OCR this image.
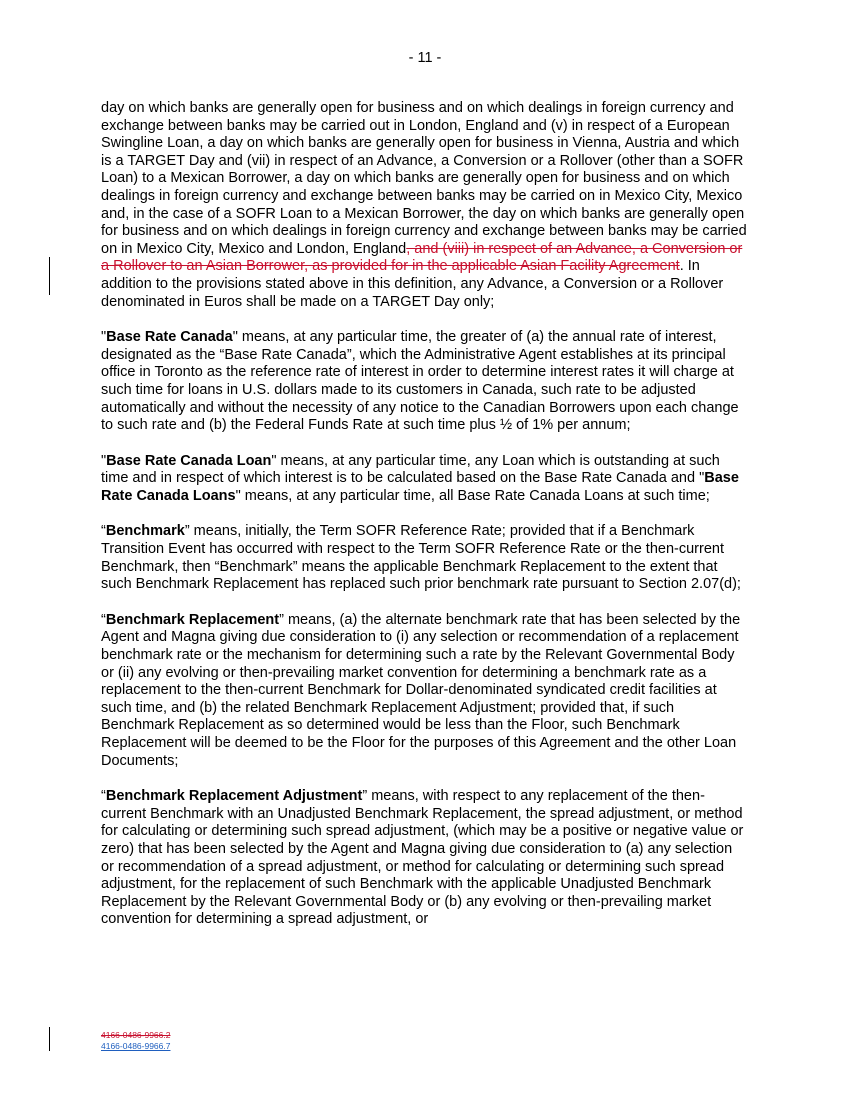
- 11 -

day on which banks are generally open for business and on which dealings in foreign currency and exchange between banks may be carried out in London, England and (v) in respect of a European Swingline Loan, a day on which banks are generally open for business in Vienna, Austria and which is a TARGET Day and (vii) in respect of an Advance, a Conversion or a Rollover (other than a SOFR Loan) to a Mexican Borrower, a day on which banks are generally open for business and on which dealings in foreign currency and exchange between banks may be carried on in Mexico City, Mexico and, in the case of a SOFR Loan to a Mexican Borrower, the day on which banks are generally open for business and on which dealings in foreign currency and exchange between banks may be carried on in Mexico City, Mexico and London, England, and (viii) in respect of an Advance, a Conversion or a Rollover to an Asian Borrower, as provided for in the applicable Asian Facility Agreement. In addition to the provisions stated above in this definition, any Advance, a Conversion or a Rollover denominated in Euros shall be made on a TARGET Day only;

"Base Rate Canada" means, at any particular time, the greater of (a) the annual rate of interest, designated as the “Base Rate Canada”, which the Administrative Agent establishes at its principal office in Toronto as the reference rate of interest in order to determine interest rates it will charge at such time for loans in U.S. dollars made to its customers in Canada, such rate to be adjusted automatically and without the necessity of any notice to the Canadian Borrowers upon each change to such rate and (b) the Federal Funds Rate at such time plus ½ of 1% per annum;

"Base Rate Canada Loan" means, at any particular time, any Loan which is outstanding at such time and in respect of which interest is to be calculated based on the Base Rate Canada and "Base Rate Canada Loans" means, at any particular time, all Base Rate Canada Loans at such time;

“Benchmark” means, initially, the Term SOFR Reference Rate; provided that if a Benchmark Transition Event has occurred with respect to the Term SOFR Reference Rate or the then-current Benchmark, then “Benchmark” means the applicable Benchmark Replacement to the extent that such Benchmark Replacement has replaced such prior benchmark rate pursuant to Section 2.07(d);

“Benchmark Replacement” means, (a) the alternate benchmark rate that has been selected by the Agent and Magna giving due consideration to (i) any selection or recommendation of a replacement benchmark rate or the mechanism for determining such a rate by the Relevant Governmental Body or (ii) any evolving or then-prevailing market convention for determining a benchmark rate as a replacement to the then-current Benchmark for Dollar-denominated syndicated credit facilities at such time, and (b) the related Benchmark Replacement Adjustment; provided that, if such Benchmark Replacement as so determined would be less than the Floor, such Benchmark Replacement will be deemed to be the Floor for the purposes of this Agreement and the other Loan Documents;

“Benchmark Replacement Adjustment” means, with respect to any replacement of the then-current Benchmark with an Unadjusted Benchmark Replacement, the spread adjustment, or method for calculating or determining such spread adjustment, (which may be a positive or negative value or zero) that has been selected by the Agent and Magna giving due consideration to (a) any selection or recommendation of a spread adjustment, or method for calculating or determining such spread adjustment, for the replacement of such Benchmark with the applicable Unadjusted Benchmark Replacement by the Relevant Governmental Body or (b) any evolving or then-prevailing market convention for determining a spread adjustment, or

4166-0486-9966.2
4166-0486-9966.7
